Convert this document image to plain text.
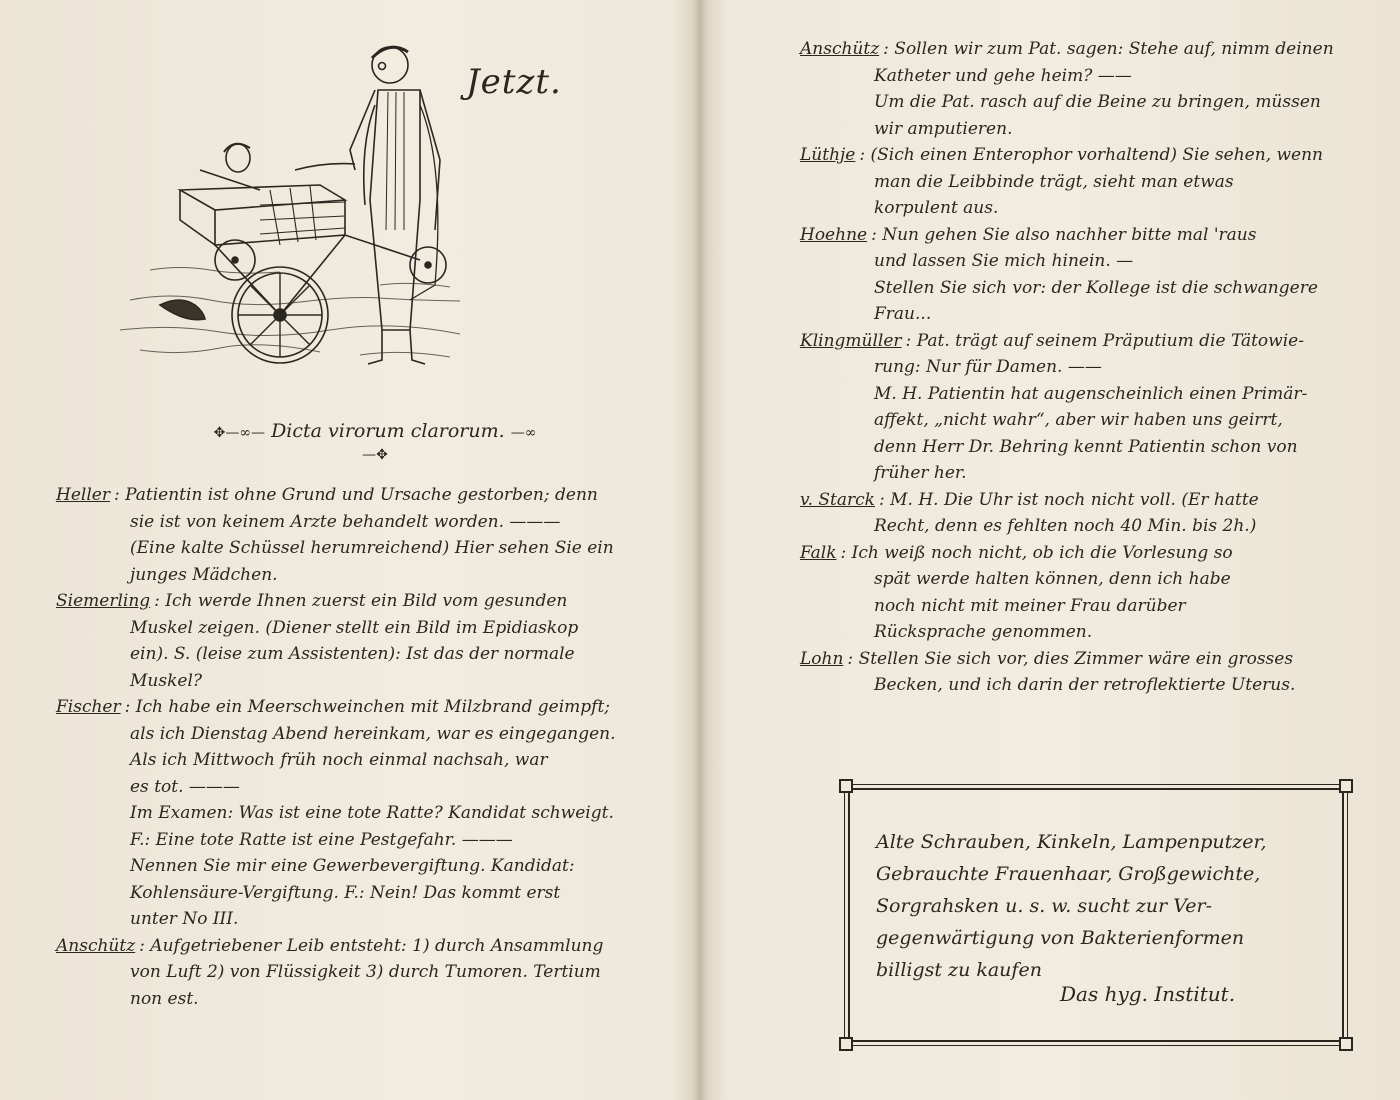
Jetzt.
✥—∞— Dicta virorum clarorum. —∞—✥
Heller : Patientin ist ohne Grund und Ursache gestorben; denn
sie ist von keinem Arzte behandelt worden. ———
(Eine kalte Schüssel herumreichend) Hier sehen Sie ein
junges Mädchen.
Siemerling : Ich werde Ihnen zuerst ein Bild vom gesunden
Muskel zeigen. (Diener stellt ein Bild im Epidiaskop
ein). S. (leise zum Assistenten): Ist das der normale
Muskel?
Fischer : Ich habe ein Meerschweinchen mit Milzbrand geimpft;
als ich Dienstag Abend hereinkam, war es eingegangen.
Als ich Mittwoch früh noch einmal nachsah, war
es tot. ———
Im Examen: Was ist eine tote Ratte? Kandidat schweigt.
F.: Eine tote Ratte ist eine Pestgefahr. ———
Nennen Sie mir eine Gewerbevergiftung. Kandidat:
Kohlensäure-Vergiftung. F.: Nein! Das kommt erst
unter No III.
Anschütz : Aufgetriebener Leib entsteht: 1) durch Ansammlung
von Luft 2) von Flüssigkeit 3) durch Tumoren. Tertium
non est.
Anschütz : Sollen wir zum Pat. sagen: Stehe auf, nimm deinen
Katheter und gehe heim? ——
Um die Pat. rasch auf die Beine zu bringen, müssen
wir amputieren.
Lüthje : (Sich einen Enterophor vorhaltend) Sie sehen, wenn
man die Leibbinde trägt, sieht man etwas
korpulent aus.
Hoehne : Nun gehen Sie also nachher bitte mal 'raus
und lassen Sie mich hinein. —
Stellen Sie sich vor: der Kollege ist die schwangere
Frau...
Klingmüller : Pat. trägt auf seinem Präputium die Tätowie-
rung: Nur für Damen. ——
M. H. Patientin hat augenscheinlich einen Primär-
affekt, „nicht wahr“, aber wir haben uns geirrt,
denn Herr Dr. Behring kennt Patientin schon von
früher her.
v. Starck : M. H. Die Uhr ist noch nicht voll. (Er hatte
Recht, denn es fehlten noch 40 Min. bis 2h.)
Falk : Ich weiß noch nicht, ob ich die Vorlesung so
spät werde halten können, denn ich habe
noch nicht mit meiner Frau darüber
Rücksprache genommen.
Lohn : Stellen Sie sich vor, dies Zimmer wäre ein grosses
Becken, und ich darin der retroflektierte Uterus.
Alte Schrauben, Kinkeln, Lampenputzer,
Gebrauchte Frauenhaar, Großgewichte,
Sorgrahsken u. s. w. sucht zur Ver-
gegenwärtigung von Bakterienformen
billigst zu kaufen
Das hyg. Institut.
